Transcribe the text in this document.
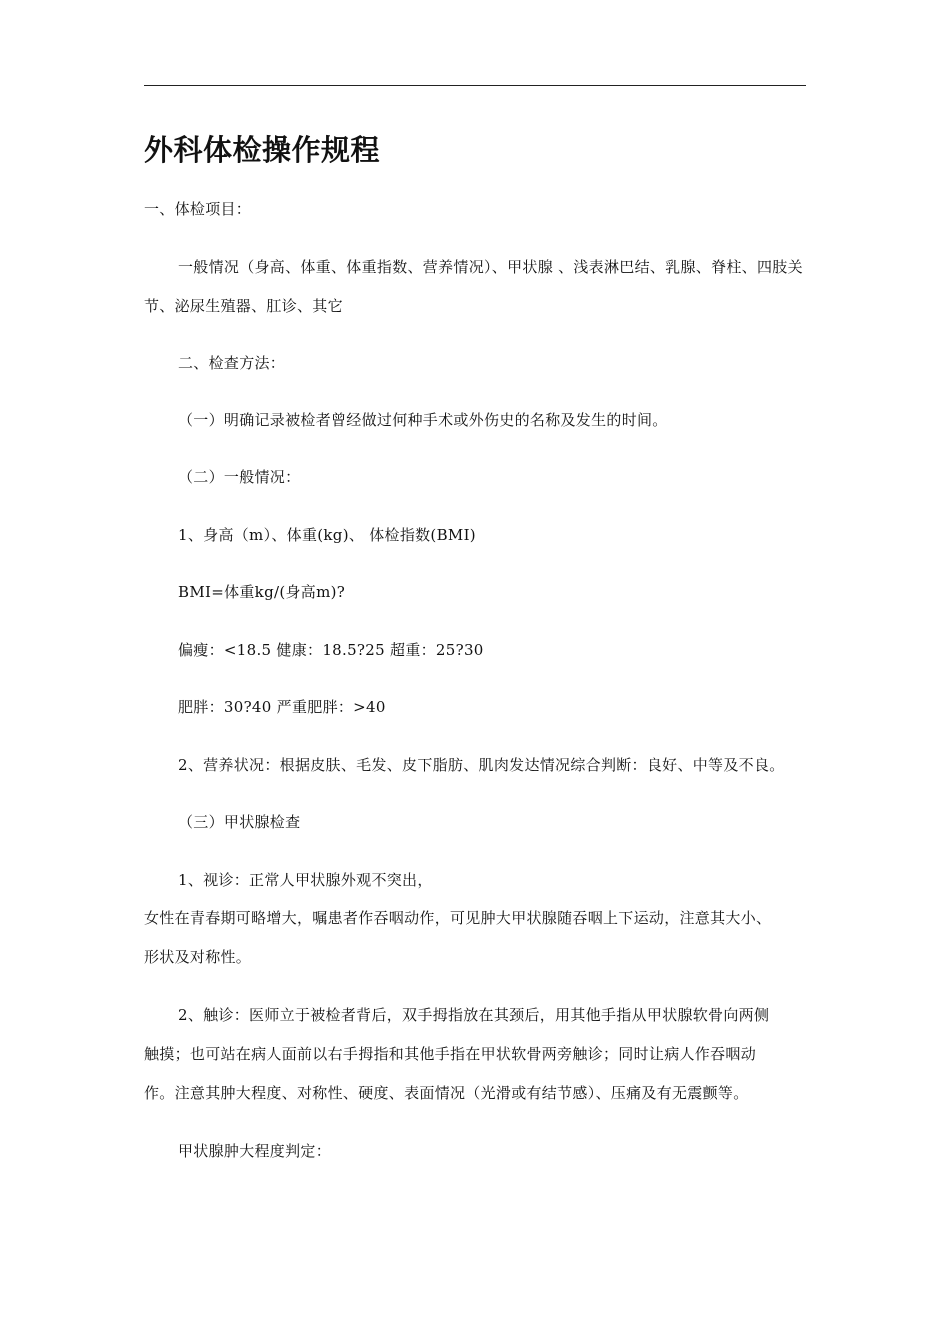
外科体检操作规程
一、体检项目：
一般情况（身高、体重、体重指数、营养情况）、甲状腺 、浅表淋巴结、乳腺、脊柱、四肢关
节、泌尿生殖器、肛诊、其它
二、检查方法：
（一）明确记录被检者曾经做过何种手术或外伤史的名称及发生的时间。
（二）一般情况：
1、身高（m）、体重(kg)、 体检指数(BMI)
BMI=体重kg/(身高m)?
偏瘦：<18.5 健康：18.5?25 超重：25?30
肥胖：30?40 严重肥胖：>40
2、营养状况：根据皮肤、毛发、皮下脂肪、肌肉发达情况综合判断：良好、中等及不良。
（三）甲状腺检查
1、视诊：正常人甲状腺外观不突出，
女性在青春期可略增大，嘱患者作吞咽动作，可见肿大甲状腺随吞咽上下运动，注意其大小、
形状及对称性。
2、触诊：医师立于被检者背后，双手拇指放在其颈后，用其他手指从甲状腺软骨向两侧
触摸；也可站在病人面前以右手拇指和其他手指在甲状软骨两旁触诊；同时让病人作吞咽动
作。注意其肿大程度、对称性、硬度、表面情况（光滑或有结节感）、压痛及有无震颤等。
甲状腺肿大程度判定：
